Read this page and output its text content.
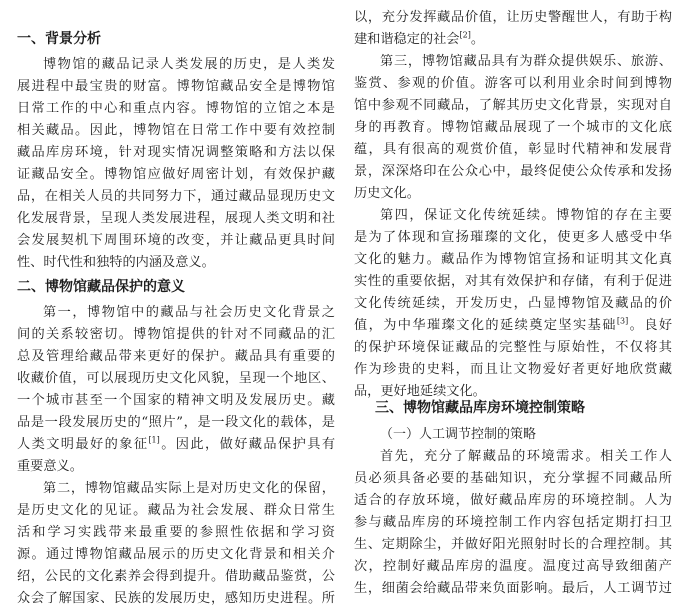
一、背景分析
博物馆的藏品记录人类发展的历史，是人类发
展进程中最宝贵的财富。博物馆藏品安全是博物馆
日常工作的中心和重点内容。博物馆的立馆之本是
相关藏品。因此，博物馆在日常工作中要有效控制
藏品库房环境，针对现实情况调整策略和方法以保
证藏品安全。博物馆应做好周密计划，有效保护藏
品，在相关人员的共同努力下，通过藏品显现历史文
化发展背景，呈现人类发展进程，展现人类文明和社
会发展契机下周围环境的改变，并让藏品更具时间
性、时代性和独特的内涵及意义。
二、博物馆藏品保护的意义
第一，博物馆中的藏品与社会历史文化背景之
间的关系较密切。博物馆提供的针对不同藏品的汇
总及管理给藏品带来更好的保护。藏品具有重要的
收藏价值，可以展现历史文化风貌，呈现一个地区、
一个城市甚至一个国家的精神文明及发展历史。藏
品是一段发展历史的“照片”，是一段文化的载体，是
人类文明最好的象征[1]。因此，做好藏品保护具有
重要意义。
第二，博物馆藏品实际上是对历史文化的保留，
是历史文化的见证。藏品为社会发展、群众日常生
活和学习实践带来最重要的参照性依据和学习资
源。通过博物馆藏品展示的历史文化背景和相关介
绍，公民的文化素养会得到提升。借助藏品鉴赏，公
众会了解国家、民族的发展历史，感知历史进程。所
以，充分发挥藏品价值，让历史警醒世人，有助于构
建和谐稳定的社会[2]。
第三，博物馆藏品具有为群众提供娱乐、旅游、
鉴赏、参观的价值。游客可以利用业余时间到博物
馆中参观不同藏品，了解其历史文化背景，实现对自
身的再教育。博物馆藏品展现了一个城市的文化底
蕴，具有很高的观赏价值，彰显时代精神和发展背
景，深深烙印在公众心中，最终促使公众传承和发扬
历史文化。
第四，保证文化传统延续。博物馆的存在主要
是为了体现和宣扬璀璨的文化，使更多人感受中华
文化的魅力。藏品作为博物馆宣扬和证明其文化真
实性的重要依据，对其有效保护和存储，有利于促进
文化传统延续，开发历史，凸显博物馆及藏品的价
值，为中华璀璨文化的延续奠定坚实基础[3]。良好
的保护环境保证藏品的完整性与原始性，不仅将其
作为珍贵的史料，而且让文物爱好者更好地欣赏藏
品，更好地延续文化。
三、博物馆藏品库房环境控制策略
（一）人工调节控制的策略
首先，充分了解藏品的环境需求。相关工作人
员必须具备必要的基础知识，充分掌握不同藏品所
适合的存放环境，做好藏品库房的环境控制。人为
参与藏品库房的环境控制工作内容包括定期打扫卫
生、定期除尘，并做好阳光照射时长的合理控制。其
次，控制好藏品库房的温度。温度过高导致细菌产
生，细菌会给藏品带来负面影响。最后，人工调节过
